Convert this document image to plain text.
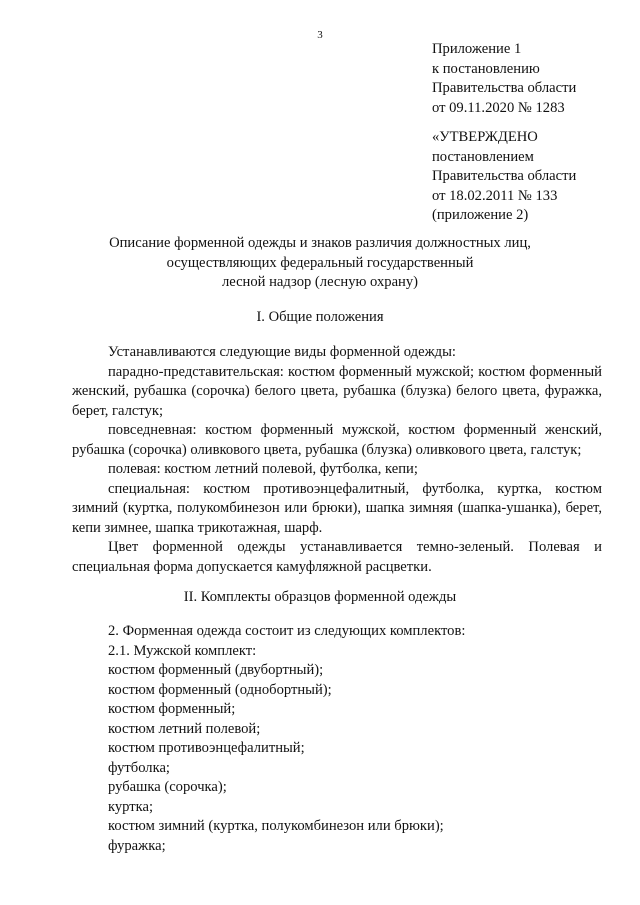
3
Приложение 1
к постановлению
Правительства области
от 09.11.2020 № 1283
«УТВЕРЖДЕНО
постановлением
Правительства области
от 18.02.2011 № 133
(приложение 2)
Описание форменной одежды и знаков различия должностных лиц,
осуществляющих федеральный государственный
лесной надзор (лесную охрану)
I. Общие положения

Устанавливаются следующие виды форменной одежды:

парадно-представительская: костюм форменный мужской; костюм форменный женский, рубашка (сорочка) белого цвета, рубашка (блузка) белого цвета, фуражка, берет, галстук;

повседневная: костюм форменный мужской, костюм форменный женский, рубашка (сорочка) оливкового цвета, рубашка (блузка) оливкового цвета, галстук;

полевая: костюм летний полевой, футболка, кепи;

специальная: костюм противоэнцефалитный, футболка, куртка, костюм зимний (куртка, полукомбинезон или брюки), шапка зимняя (шапка-ушанка), берет, кепи зимнее, шапка трикотажная, шарф.

Цвет форменной одежды устанавливается темно-зеленый. Полевая и специальная форма допускается камуфляжной расцветки.

II. Комплекты образцов форменной одежды
2. Форменная одежда состоит из следующих комплектов:
2.1. Мужской комплект:
костюм форменный (двубортный);
костюм форменный (однобортный);
костюм форменный;
костюм летний полевой;
костюм противоэнцефалитный;
футболка;
рубашка (сорочка);
куртка;
костюм зимний (куртка, полукомбинезон или брюки);
фуражка;
